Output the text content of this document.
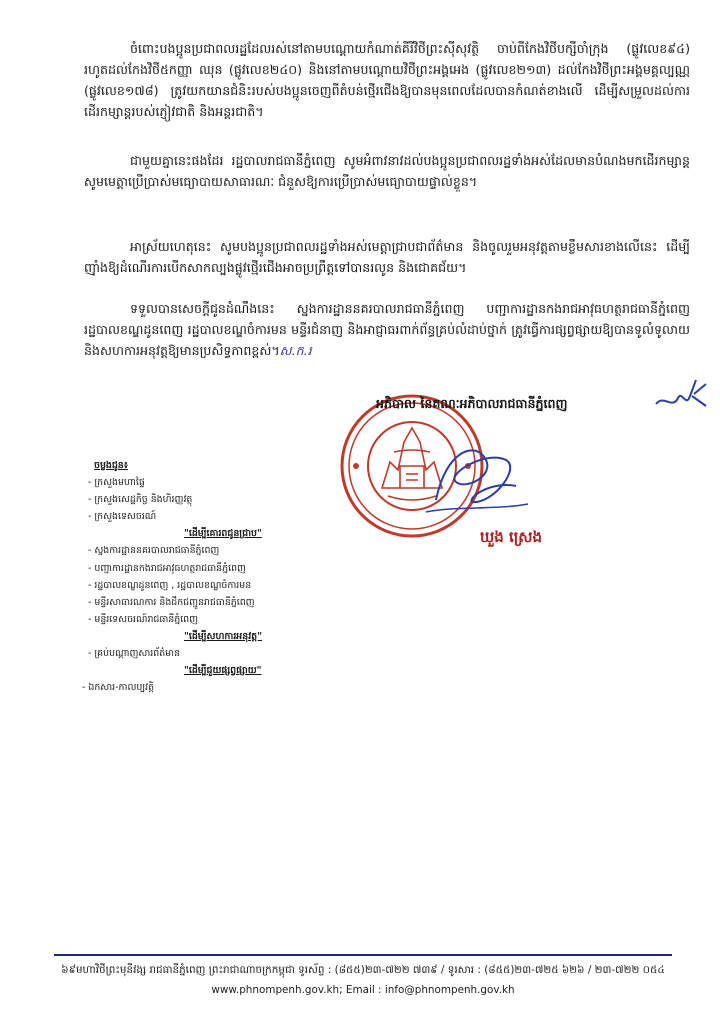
ចំពោះបងប្អូនប្រជាពលរដ្ឋដែលរស់នៅតាមបណ្តោយកំណាត់គីរីវិថីព្រះស៊ីសុវត្ថិ ចាប់ពីកែងវិថីបក្សីចាំក្រុង (ផ្លូវលេខ៩៤) រហូតដល់កែងវិថី៥កញ្ញា ឈុន (ផ្លូវលេខ២៤០) និងនៅតាមបណ្តោយវិថីព្រះអង្គអេង (ផ្លូវលេខ២១៣) ដល់កែងវិថីព្រះអង្គមគ្គល្បណ្ណ (ផ្លូវលេខ១៧៨) ត្រូវយកយានជំនិះរបស់បងប្អូនចេញពីតំបន់ថ្មើរជើងឱ្យបានមុនពេលដែលបានកំណត់ខាងលើ ដើម្បីសម្រួលដល់ការដើរកម្សាន្តរបស់ភ្ញៀវជាតិ និងអន្តរជាតិ។

ជាមួយគ្នានេះផងដែរ រដ្ឋបាលរាជធានីភ្នំពេញ សូមអំពាវនាវដល់បងប្អូនប្រជាពលរដ្ឋទាំងអស់ដែលមានបំណងមកដើរកម្សាន្ត សូមមេត្តាប្រើប្រាស់មធ្យោបាយសាធារណៈ ជំនួសឱ្យការប្រើប្រាស់មធ្យោបាយផ្ទាល់ខ្លួន។

អាស្រ័យហេតុនេះ សូមបងប្អូនប្រជាពលរដ្ឋទាំងអស់មេត្តាជ្រាបជាព័ត៌មាន និងចូលរួមអនុវត្តតាមខ្លឹមសារខាងលើនេះ ដើម្បីញ៉ាំងឱ្យដំណើរការបើកសាកល្បងផ្លូវថ្មើរជើងអាចប្រព្រឹត្តទៅបានរលូន និងជោគជ័យ។

ទទួលបានសេចក្តីជូនដំណឹងនេះ ស្នងការដ្ឋាននគរបាលរាជធានីភ្នំពេញ បញ្ជាការដ្ឋានកងរាជអាវុធហត្ថរាជធានីភ្នំពេញ រដ្ឋបាលខណ្ឌដូនពេញ រដ្ឋបាលខណ្ឌចំការមន មន្ទីរជំនាញ និងអាជ្ញាធរពាក់ព័ន្ធគ្រប់លំដាប់ថ្នាក់ ត្រូវធ្វើការផ្សព្វផ្សាយឱ្យបានទូលំទូលាយ និងសហការអនុវត្តឱ្យមានប្រសិទ្ធភាពខ្ពស់។ស.ក.រ

អភិបាល នៃគណៈអភិបាលរាជធានីភ្នំពេញ
ឃួង ស្រេង
ចម្លងជូន៖
- ក្រសួងមហាផ្ទៃ
- ក្រសួងសេដ្ឋកិច្ច និងហិរញ្ញវត្ថុ
- ក្រសួងទេសចរណ៍
"ដើម្បីគោរពជូនជ្រាប"
- ស្នងការដ្ឋាននគរបាលរាជធានីភ្នំពេញ
- បញ្ជាការដ្ឋានកងរាជអាវុធហត្ថរាជធានីភ្នំពេញ
- រដ្ឋបាលខណ្ឌដូនពេញ , រដ្ឋបាលខណ្ឌចំការមន
- មន្ទីរសាធារណការ និងដឹកជញ្ជូនរាជធានីភ្នំពេញ
- មន្ទីរទេសចរណ៍រាជធានីភ្នំពេញ
"ដើម្បីសហការអនុវត្ត"
- គ្រប់បណ្តាញសារព័ត៌មាន
"ដើម្បីជួយផ្សព្វផ្សាយ"
- ឯកសារ-កាលប្បវត្តិ
៦៩មហាវិថីព្រះមុនីវង្ស រាជធានីភ្នំពេញ ព្រះរាជាណាចក្រកម្ពុជា ទូរស័ព្ទ : (៨៥៥)២៣-៧២២ ៧៣៩ / ទូរសារ : (៨៥៥)២៣-៧២៥ ៦២៦ / ២៣-៧២២ ០៥៤
www.phnompenh.gov.kh; Email : info@phnompenh.gov.kh
